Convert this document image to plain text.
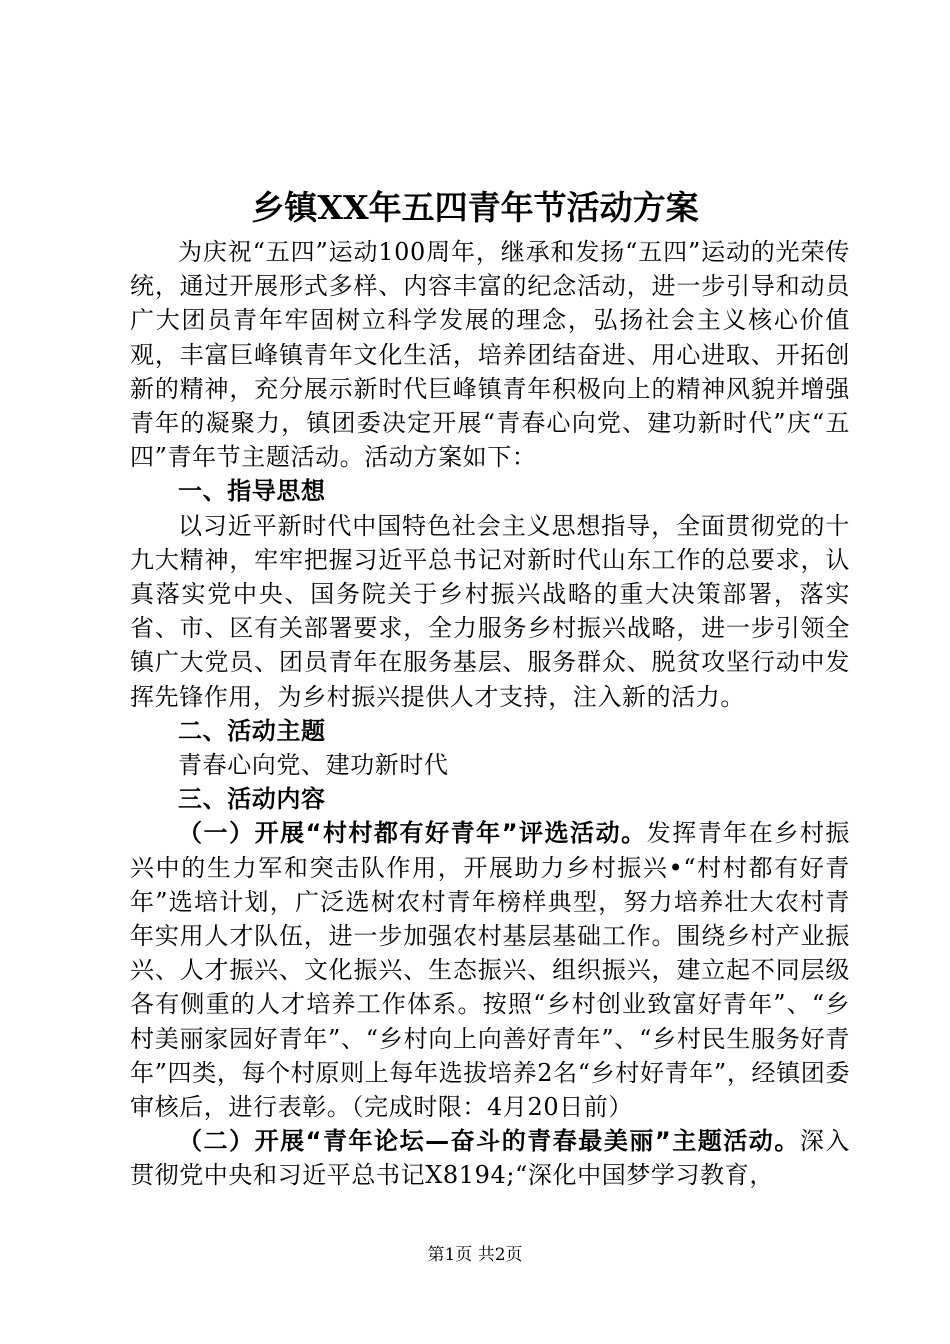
乡镇XX年五四青年节活动方案

为庆祝“五四”运动100周年，继承和发扬“五四”运动的光荣传统，通过开展形式多样、内容丰富的纪念活动，进一步引导和动员广大团员青年牢固树立科学发展的理念，弘扬社会主义核心价值观，丰富巨峰镇青年文化生活，培养团结奋进、用心进取、开拓创新的精神，充分展示新时代巨峰镇青年积极向上的精神风貌并增强青年的凝聚力，镇团委决定开展“青春心向党、建功新时代”庆“五四”青年节主题活动。活动方案如下：

一、指导思想

以习近平新时代中国特色社会主义思想指导，全面贯彻党的十九大精神，牢牢把握习近平总书记对新时代山东工作的总要求，认真落实党中央、国务院关于乡村振兴战略的重大决策部署，落实省、市、区有关部署要求，全力服务乡村振兴战略，进一步引领全镇广大党员、团员青年在服务基层、服务群众、脱贫攻坚行动中发挥先锋作用，为乡村振兴提供人才支持，注入新的活力。

二、活动主题

青春心向党、建功新时代

三、活动内容

（一）开展“村村都有好青年”评选活动。发挥青年在乡村振兴中的生力军和突击队作用，开展助力乡村振兴•“村村都有好青年”选培计划，广泛选树农村青年榜样典型，努力培养壮大农村青年实用人才队伍，进一步加强农村基层基础工作。围绕乡村产业振兴、人才振兴、文化振兴、生态振兴、组织振兴，建立起不同层级各有侧重的人才培养工作体系。按照“乡村创业致富好青年”、“乡村美丽家园好青年”、“乡村向上向善好青年”、“乡村民生服务好青年”四类，每个村原则上每年选拔培养2名“乡村好青年”，经镇团委审核后，进行表彰。（完成时限：4月20日前）

（二）开展“青年论坛—奋斗的青春最美丽”主题活动。深入贯彻党中央和习近平总书记X8194;“深化中国梦学习教育，

第1页 共2页
